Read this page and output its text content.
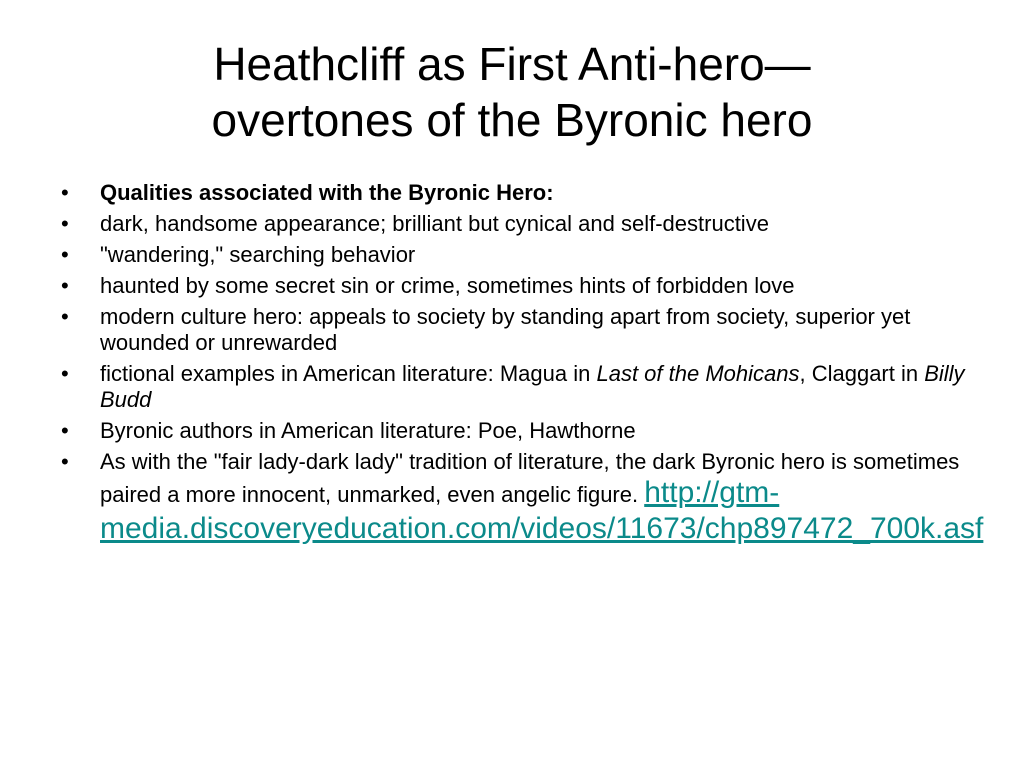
Heathcliff as First Anti-hero—
overtones of the Byronic hero
• Qualities associated with the Byronic Hero:
• dark, handsome appearance; brilliant but cynical and self-destructive
• "wandering," searching behavior
• haunted by some secret sin or crime, sometimes hints of forbidden love
• modern culture hero: appeals to society by standing apart from society, superior yet wounded or unrewarded
• fictional examples in American literature: Magua in Last of the Mohicans, Claggart in Billy Budd
• Byronic authors in American literature: Poe, Hawthorne
• As with the "fair lady-dark lady" tradition of literature, the dark Byronic hero is sometimes paired a more innocent, unmarked, even angelic figure. http://gtm-media.discoveryeducation.com/videos/11673/chp897472_700k.asf
